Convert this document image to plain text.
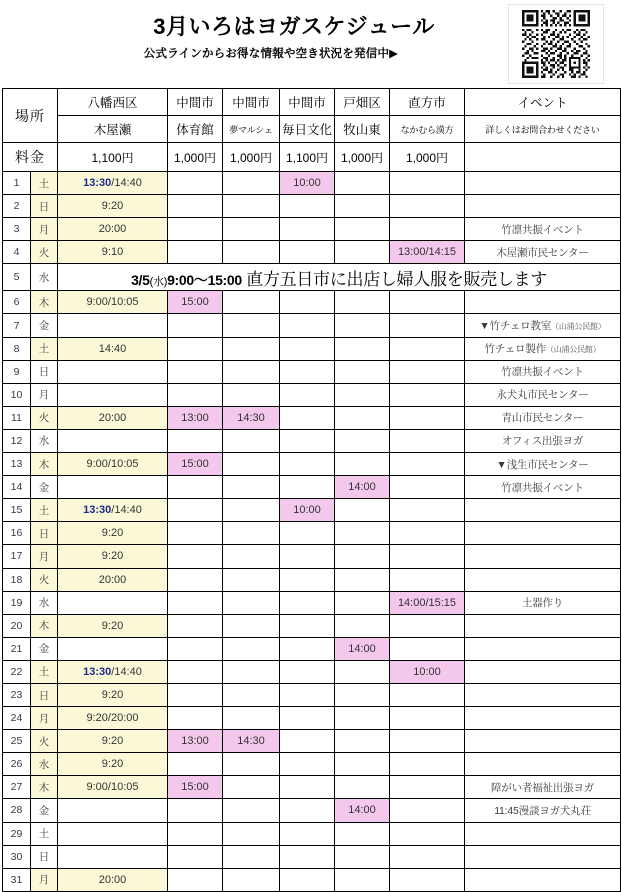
3月いろはヨガスケジュール
公式ラインからお得な情報や空き状況を発信中▶
場所		八幡西区	中間市	中間市	中間市	戸畑区	直方市	イベント
		木屋瀬	体育館	夢マルシェ	毎日文化	牧山東	なかむら漢方	詳しくはお問合わせください
料金		1,100円	1,000円	1,000円	1,100円	1,000円	1,000円	
1	土	13:30/14:40			10:00			
2	日	9:20						
3	月	20:00						竹凛共振イベント
4	火	9:10					13:00/14:15	木屋瀬市民センター
5	水	3/5(水)9:00〜15:00 直方五日市に出店し婦人服を販売します						
6	木	9:00/10:05	15:00					
7	金							▼竹チェロ教室（山浦公民館）
8	土	14:40						竹チェロ製作（山浦公民館）
9	日							竹凛共振イベント
10	月							永犬丸市民センター
11	火	20:00	13:00	14:30				青山市民センター
12	水							オフィス出張ヨガ
13	木	9:00/10:05	15:00					▼浅生市民センター
14	金					14:00		竹凛共振イベント
15	土	13:30/14:40			10:00			
16	日	9:20						
17	月	9:20						
18	火	20:00						
19	水						14:00/15:15	土器作り
20	木	9:20						
21	金					14:00		
22	土	13:30/14:40					10:00	
23	日	9:20						
24	月	9:20/20:00						
25	火	9:20	13:00	14:30				
26	水	9:20						
27	木	9:00/10:05	15:00					障がい者福祉出張ヨガ
28	金					14:00		11:45漫談ヨガ犬丸荘
29	土							
30	日							
31	月	20:00						
